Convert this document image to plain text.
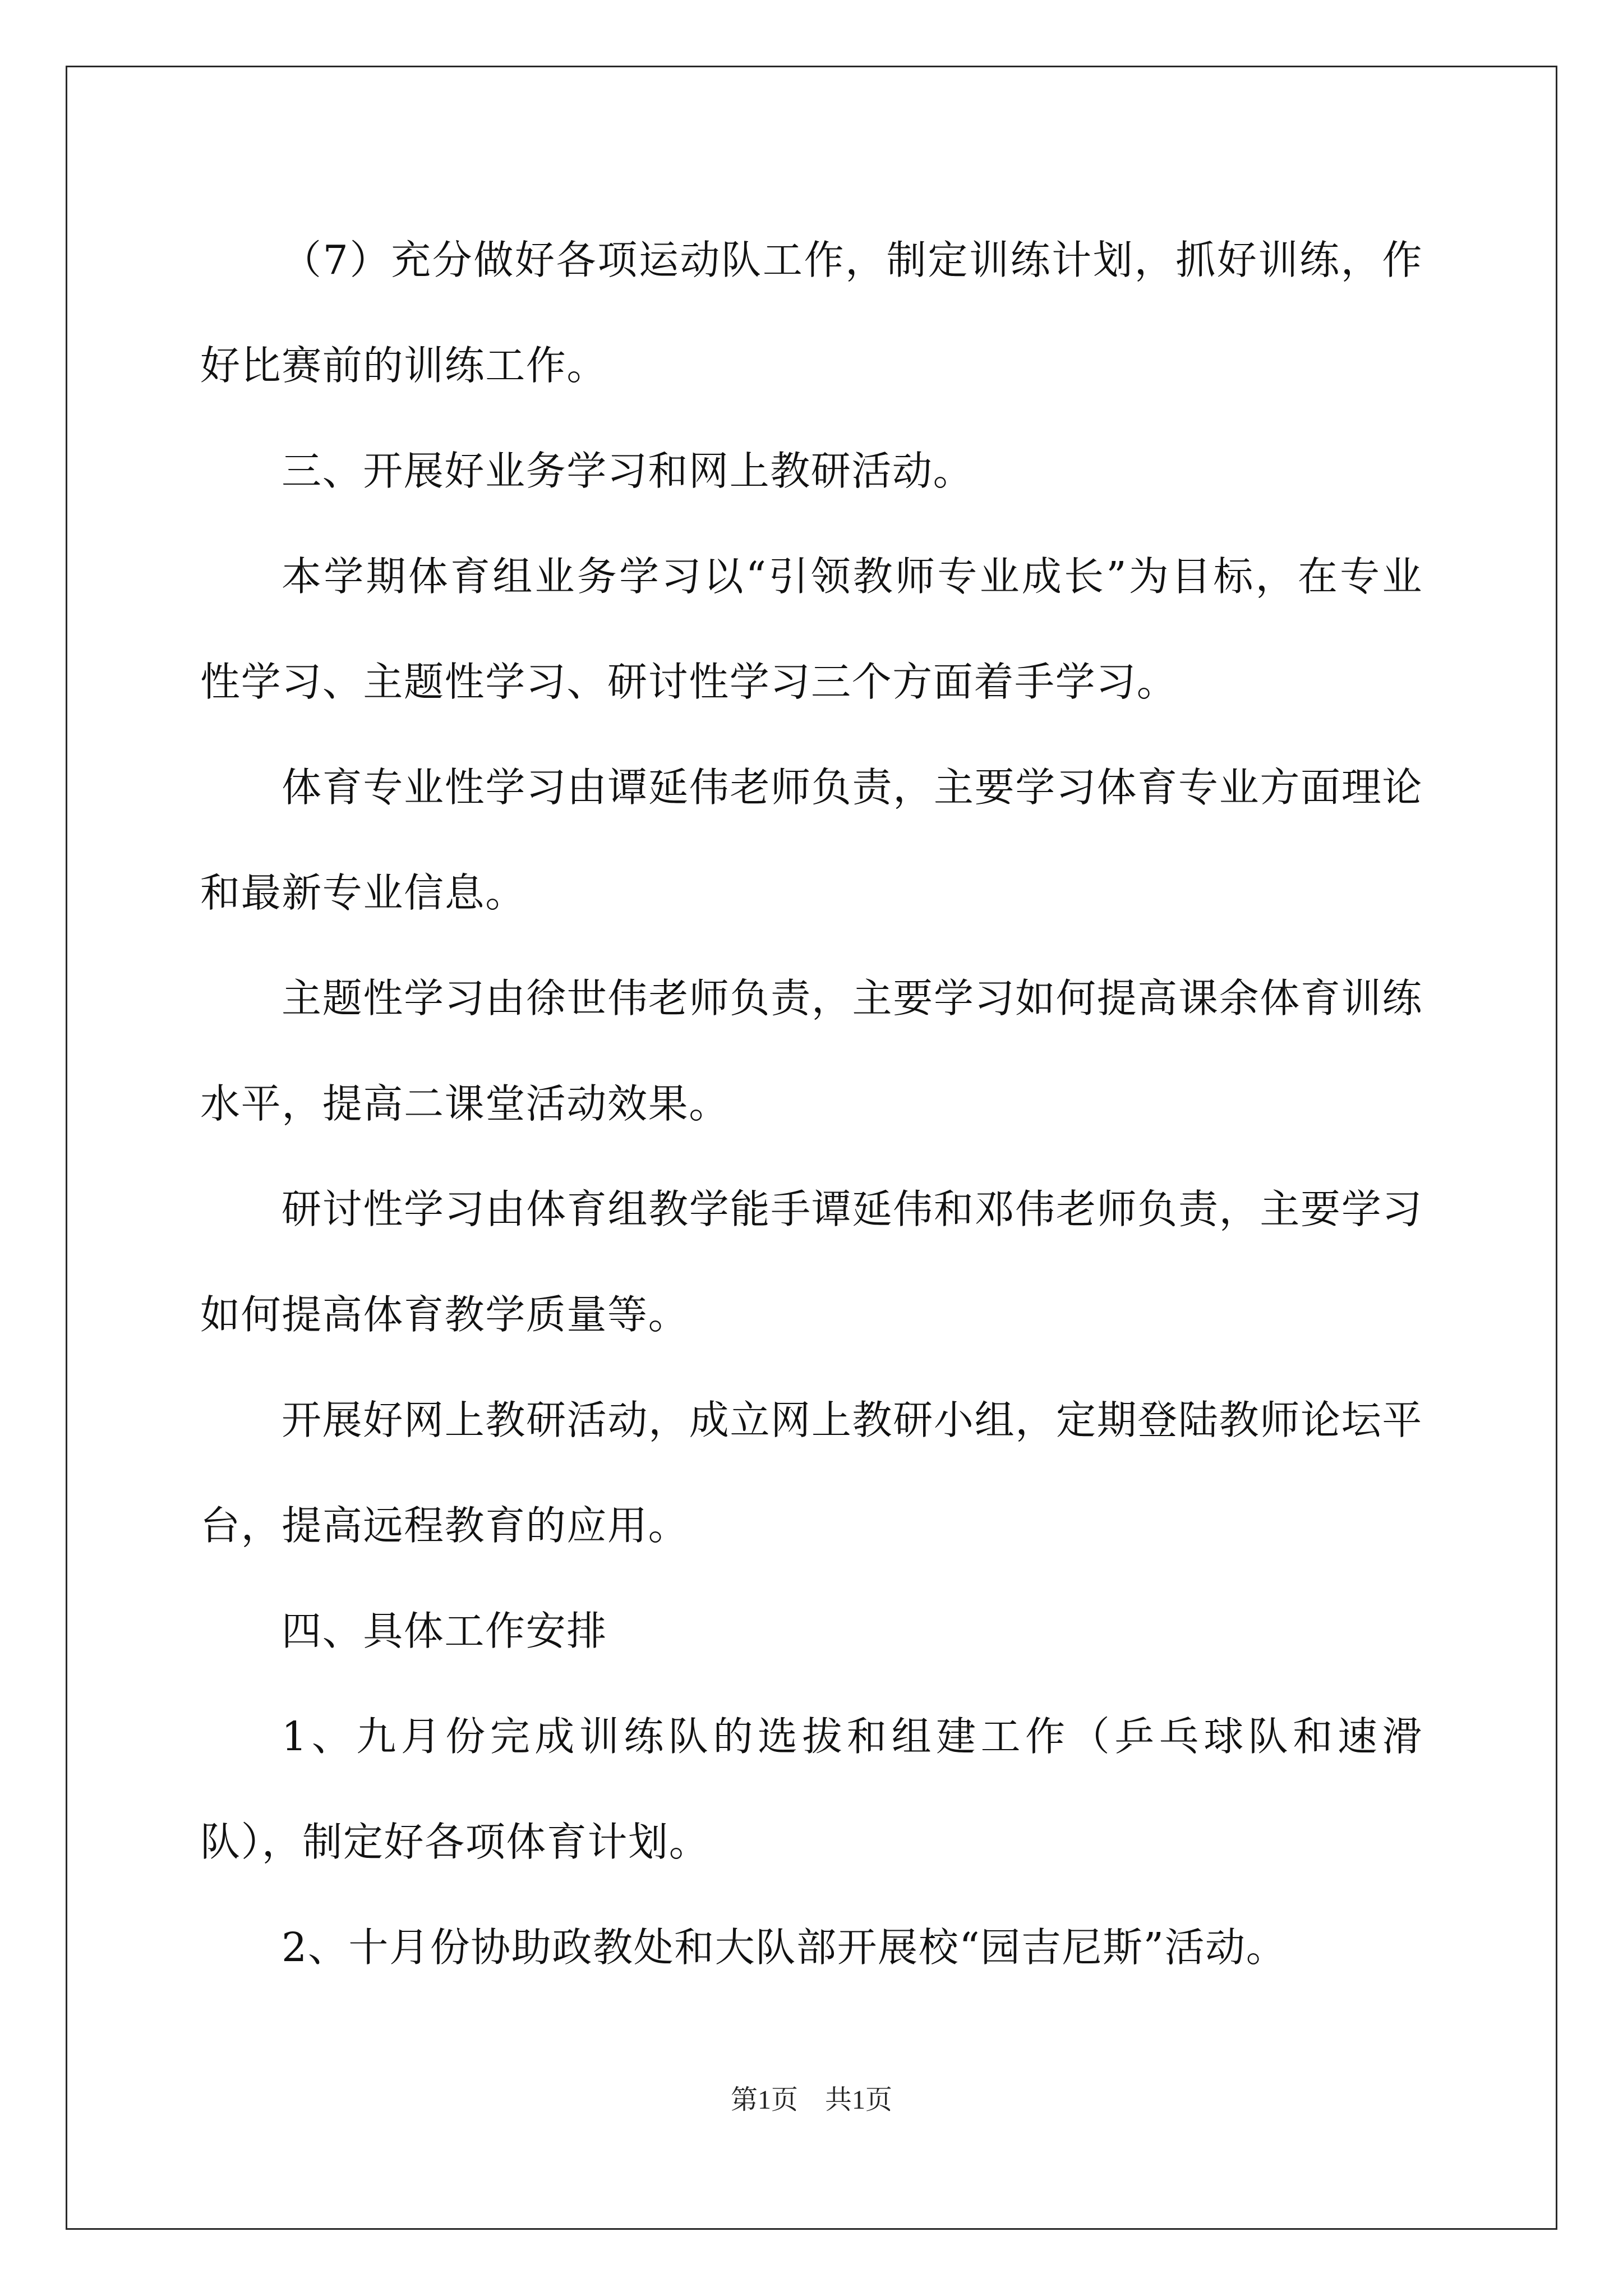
（7）充分做好各项运动队工作，制定训练计划，抓好训练，作好比赛前的训练工作。

三、开展好业务学习和网上教研活动。

本学期体育组业务学习以“引领教师专业成长”为目标，在专业性学习、主题性学习、研讨性学习三个方面着手学习。

体育专业性学习由谭延伟老师负责，主要学习体育专业方面理论和最新专业信息。

主题性学习由徐世伟老师负责，主要学习如何提高课余体育训练水平，提高二课堂活动效果。

研讨性学习由体育组教学能手谭延伟和邓伟老师负责，主要学习如何提高体育教学质量等。

开展好网上教研活动，成立网上教研小组，定期登陆教师论坛平台，提高远程教育的应用。

四、具体工作安排

1、九月份完成训练队的选拔和组建工作（乒乓球队和速滑队），制定好各项体育计划。

2、十月份协助政教处和大队部开展校“园吉尼斯”活动。

第1页　共1页
